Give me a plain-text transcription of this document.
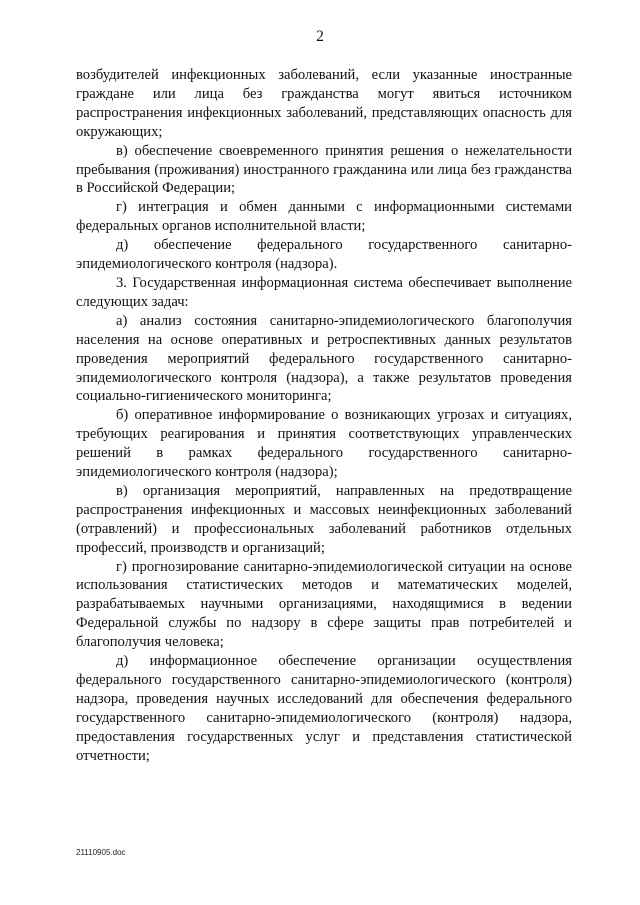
2

возбудителей инфекционных заболеваний, если указанные иностранные граждане или лица без гражданства могут явиться источником распространения инфекционных заболеваний, представляющих опасность для окружающих;

в) обеспечение своевременного принятия решения о нежелательности пребывания (проживания) иностранного гражданина или лица без гражданства в Российской Федерации;

г) интеграция и обмен данными с информационными системами федеральных органов исполнительной власти;

д) обеспечение федерального государственного санитарно-эпидемиологического контроля (надзора).

3. Государственная информационная система обеспечивает выполнение следующих задач:

а) анализ состояния санитарно-эпидемиологического благополучия населения на основе оперативных и ретроспективных данных результатов проведения мероприятий федерального государственного санитарно-эпидемиологического контроля (надзора), а также результатов проведения социально-гигиенического мониторинга;

б) оперативное информирование о возникающих угрозах и ситуациях, требующих реагирования и принятия соответствующих управленческих решений в рамках федерального государственного санитарно-эпидемиологического контроля (надзора);

в) организация мероприятий, направленных на предотвращение распространения инфекционных и массовых неинфекционных заболеваний (отравлений) и профессиональных заболеваний работников отдельных профессий, производств и организаций;

г) прогнозирование санитарно-эпидемиологической ситуации на основе использования статистических методов и математических моделей, разрабатываемых научными организациями, находящимися в ведении Федеральной службы по надзору в сфере защиты прав потребителей и благополучия человека;

д) информационное обеспечение организации осуществления федерального государственного санитарно-эпидемиологического (контроля) надзора, проведения научных исследований для обеспечения федерального государственного санитарно-эпидемиологического (контроля) надзора, предоставления государственных услуг и представления статистической отчетности;

21110905.doc
